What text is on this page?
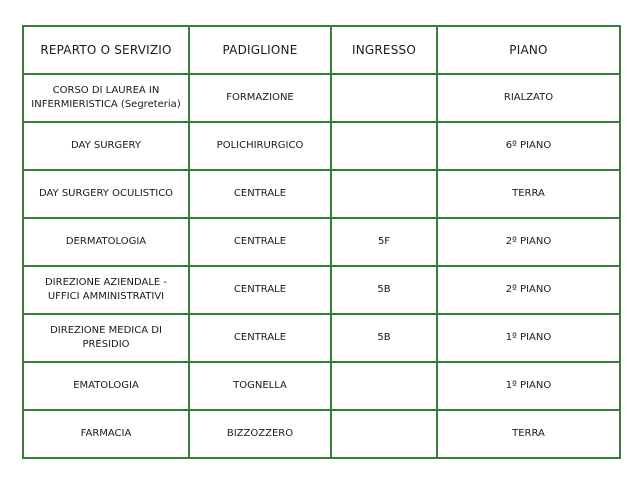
REPARTO O SERVIZIO	PADIGLIONE	INGRESSO	PIANO
CORSO DI LAUREA IN INFERMIERISTICA (Segreteria)	FORMAZIONE		RIALZATO
DAY SURGERY	POLICHIRURGICO		6º PIANO
DAY SURGERY OCULISTICO	CENTRALE		TERRA
DERMATOLOGIA	CENTRALE	5F	2º PIANO
DIREZIONE AZIENDALE - UFFICI AMMINISTRATIVI	CENTRALE	5B	2º PIANO
DIREZIONE MEDICA DI PRESIDIO	CENTRALE	5B	1º PIANO
EMATOLOGIA	TOGNELLA		1º PIANO
FARMACIA	BIZZOZZERO		TERRA
